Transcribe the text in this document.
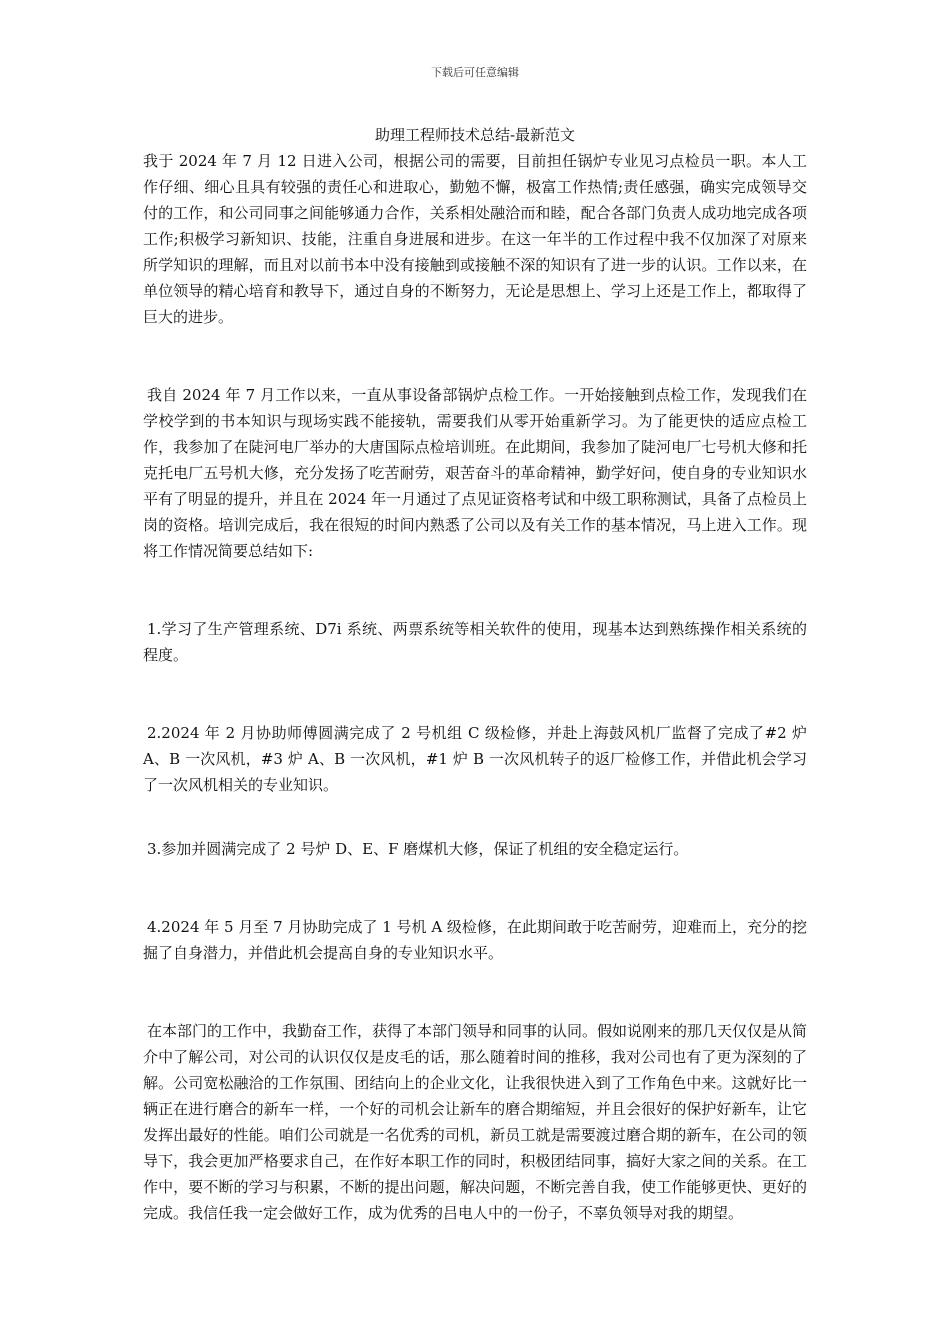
下载后可任意编辑
助理工程师技术总结-最新范文

我于 2024 年 7 月 12 日进入公司，根据公司的需要，目前担任锅炉专业见习点检员一职。本人工作仔细、细心且具有较强的责任心和进取心，勤勉不懈，极富工作热情;责任感强，确实完成领导交付的工作，和公司同事之间能够通力合作，关系相处融洽而和睦，配合各部门负责人成功地完成各项工作;积极学习新知识、技能，注重自身进展和进步。在这一年半的工作过程中我不仅加深了对原来所学知识的理解，而且对以前书本中没有接触到或接触不深的知识有了进一步的认识。工作以来，在单位领导的精心培育和教导下，通过自身的不断努力，无论是思想上、学习上还是工作上，都取得了巨大的进步。

我自 2024 年 7 月工作以来，一直从事设备部锅炉点检工作。一开始接触到点检工作，发现我们在学校学到的书本知识与现场实践不能接轨，需要我们从零开始重新学习。为了能更快的适应点检工作，我参加了在陡河电厂举办的大唐国际点检培训班。在此期间，我参加了陡河电厂七号机大修和托克托电厂五号机大修，充分发扬了吃苦耐劳，艰苦奋斗的革命精神，勤学好问，使自身的专业知识水平有了明显的提升，并且在 2024 年一月通过了点见证资格考试和中级工职称测试，具备了点检员上岗的资格。培训完成后，我在很短的时间内熟悉了公司以及有关工作的基本情况，马上进入工作。现将工作情况简要总结如下:

1.学习了生产管理系统、D7i 系统、两票系统等相关软件的使用，现基本达到熟练操作相关系统的程度。

2.2024 年 2 月协助师傅圆满完成了 2 号机组 C 级检修，并赴上海鼓风机厂监督了完成了#2 炉 A、B 一次风机，#3 炉 A、B 一次风机，#1 炉 B 一次风机转子的返厂检修工作，并借此机会学习了一次风机相关的专业知识。

3.参加并圆满完成了 2 号炉 D、E、F 磨煤机大修，保证了机组的安全稳定运行。

4.2024 年 5 月至 7 月协助完成了 1 号机 A 级检修，在此期间敢于吃苦耐劳，迎难而上，充分的挖掘了自身潜力，并借此机会提高自身的专业知识水平。

在本部门的工作中，我勤奋工作，获得了本部门领导和同事的认同。假如说刚来的那几天仅仅是从简介中了解公司，对公司的认识仅仅是皮毛的话，那么随着时间的推移，我对公司也有了更为深刻的了解。公司宽松融洽的工作氛围、团结向上的企业文化，让我很快进入到了工作角色中来。这就好比一辆正在进行磨合的新车一样，一个好的司机会让新车的磨合期缩短，并且会很好的保护好新车，让它发挥出最好的性能。咱们公司就是一名优秀的司机，新员工就是需要渡过磨合期的新车，在公司的领导下，我会更加严格要求自己，在作好本职工作的同时，积极团结同事，搞好大家之间的关系。在工作中，要不断的学习与积累，不断的提出问题，解决问题，不断完善自我，使工作能够更快、更好的完成。我信任我一定会做好工作，成为优秀的吕电人中的一份子，不辜负领导对我的期望。
